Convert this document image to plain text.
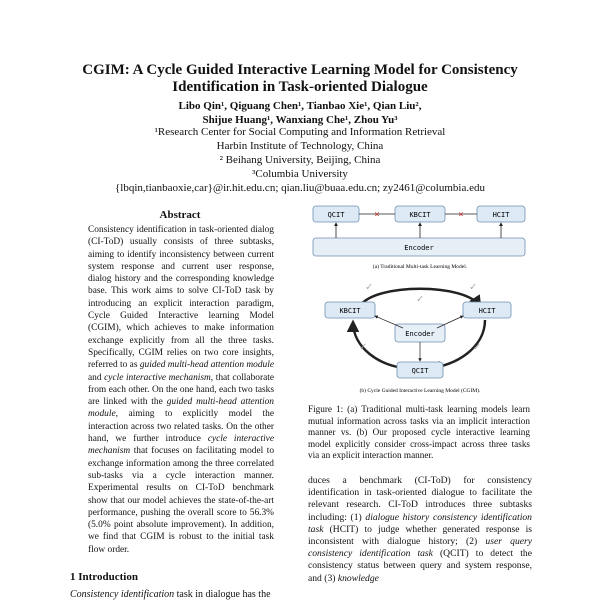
CGIM: A Cycle Guided Interactive Learning Model for Consistency
Identification in Task-oriented Dialogue
Libo Qin¹, Qiguang Chen¹, Tianbao Xie¹, Qian Liu²,
Shijue Huang¹, Wanxiang Che¹, Zhou Yu³
¹Research Center for Social Computing and Information Retrieval
Harbin Institute of Technology, China
² Beihang University, Beijing, China
³Columbia University
{lbqin,tianbaoxie,car}@ir.hit.edu.cn; qian.liu@buaa.edu.cn; zy2461@columbia.edu
Abstract
Consistency identification in task-oriented dialog (CI-ToD) usually consists of three subtasks, aiming to identify inconsistency between current system response and current user response, dialog history and the corresponding knowledge base. This work aims to solve CI-ToD task by introducing an explicit interaction paradigm, Cycle Guided Interactive learning Model (CGIM), which achieves to make information exchange explicitly from all the three tasks. Specifically, CGIM relies on two core insights, referred to as guided multi-head attention module and cycle interactive mechanism, that collaborate from each other. On the one hand, each two tasks are linked with the guided multi-head attention module, aiming to explicitly model the interaction across two related tasks. On the other hand, we further introduce cycle interactive mechanism that focuses on facilitating model to exchange information among the three correlated sub-tasks via a cycle interaction manner. Experimental results on CI-ToD benchmark show that our model achieves the state-of-the-art performance, pushing the overall score to 56.3% (5.0% point absolute improvement). In addition, we find that CGIM is robust to the initial task flow order.
1 Introduction
Consistency identification task in dialogue has the
QCIT	KBCIT	HCIT
×	×
Encoder
(a) Traditional Multi-task Learning Model.
KBCIT	HCIT
Encoder
QCIT
✓	✓
✓
✓	✓
(b) Cycle Guided Interactive Learning Model (CGIM).
Figure 1: (a) Traditional multi-task learning models learn mutual information across tasks via an implicit interaction manner vs. (b) Our proposed cycle interactive learning model explicitly consider cross-impact across three tasks via an explicit interaction manner.

duces a benchmark (CI-ToD) for consistency identification in task-oriented dialogue to facilitate the relevant research. CI-ToD introduces three subtasks including: (1) dialogue history consistency identification task (HCIT) to judge whether generated response is inconsistent with dialogue history; (2) user query consistency identification task (QCIT) to detect the consistency status between query and system response, and (3) knowledge
